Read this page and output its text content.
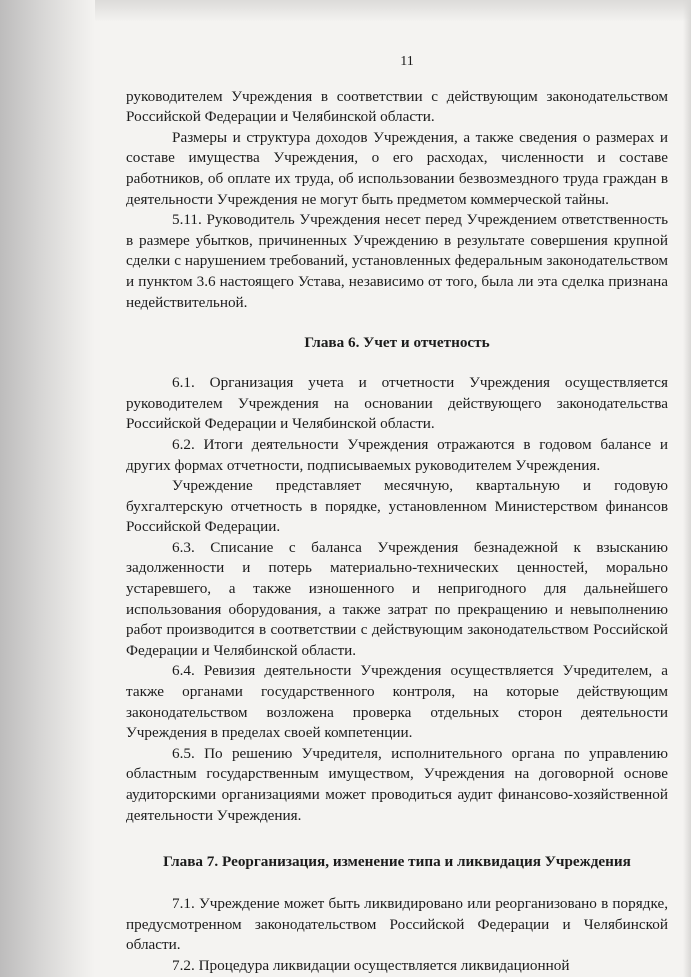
11

руководителем Учреждения в соответствии с действующим законодательством Российской Федерации и Челябинской области.

Размеры и структура доходов Учреждения, а также сведения о размерах и составе имущества Учреждения, о его расходах, численности и составе работников, об оплате их труда, об использовании безвозмездного труда граждан в деятельности Учреждения не могут быть предметом коммерческой тайны.

5.11. Руководитель Учреждения несет перед Учреждением ответственность в размере убытков, причиненных Учреждению в результате совершения крупной сделки с нарушением требований, установленных федеральным законодательством и пунктом 3.6 настоящего Устава, независимо от того, была ли эта сделка признана недействительной.

Глава 6. Учет и отчетность

6.1. Организация учета и отчетности Учреждения осуществляется руководителем Учреждения на основании действующего законодательства Российской Федерации и Челябинской области.

6.2. Итоги деятельности Учреждения отражаются в годовом балансе и других формах отчетности, подписываемых руководителем Учреждения.

Учреждение представляет месячную, квартальную и годовую бухгалтерскую отчетность в порядке, установленном Министерством финансов Российской Федерации.

6.3. Списание с баланса Учреждения безнадежной к взысканию задолженности и потерь материально-технических ценностей, морально устаревшего, а также изношенного и непригодного для дальнейшего использования оборудования, а также затрат по прекращению и невыполнению работ производится в соответствии с действующим законодательством Российской Федерации и Челябинской области.

6.4. Ревизия деятельности Учреждения осуществляется Учредителем, а также органами государственного контроля, на которые действующим законодательством возложена проверка отдельных сторон деятельности Учреждения в пределах своей компетенции.

6.5. По решению Учредителя, исполнительного органа по управлению областным государственным имуществом, Учреждения на договорной основе аудиторскими организациями может проводиться аудит финансово-хозяйственной деятельности Учреждения.

Глава 7. Реорганизация, изменение типа и ликвидация Учреждения

7.1. Учреждение может быть ликвидировано или реорганизовано в порядке, предусмотренном законодательством Российской Федерации и Челябинской области.

7.2. Процедура ликвидации осуществляется ликвидационной
